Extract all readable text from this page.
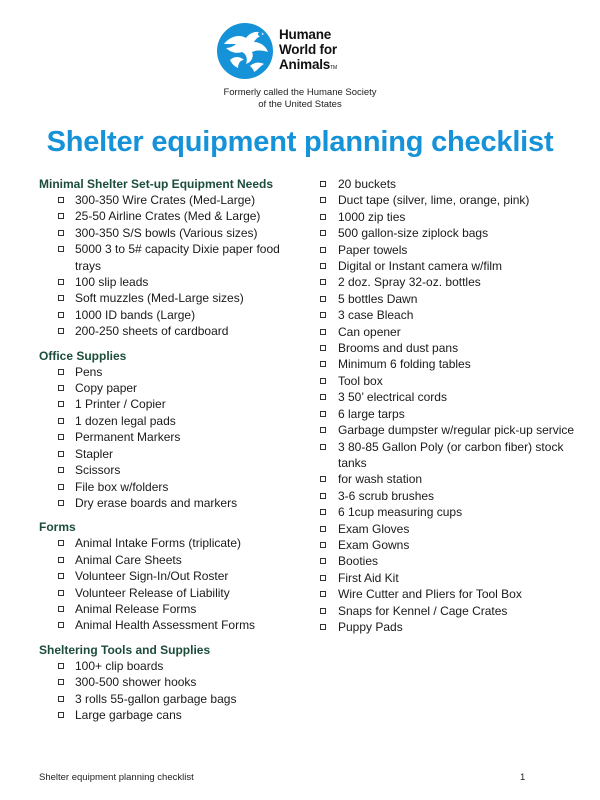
Humane
World for
AnimalsTM
Formerly called the Humane Society
of the United States
Shelter equipment planning checklist
Minimal Shelter Set-up Equipment Needs
300-350 Wire Crates (Med-Large)
25-50 Airline Crates (Med & Large)
300-350 S/S bowls (Various sizes)
5000 3 to 5# capacity Dixie paper food trays
100 slip leads
Soft muzzles (Med-Large sizes)
1000 ID bands (Large)
200-250 sheets of cardboard
Office Supplies
Pens
Copy paper
1 Printer / Copier
1 dozen legal pads
Permanent Markers
Stapler
Scissors
File box w/folders
Dry erase boards and markers
Forms
Animal Intake Forms (triplicate)
Animal Care Sheets
Volunteer Sign-In/Out Roster
Volunteer Release of Liability
Animal Release Forms
Animal Health Assessment Forms
Sheltering Tools and Supplies
100+ clip boards
300-500 shower hooks
3 rolls 55-gallon garbage bags
Large garbage cans
20 buckets
Duct tape (silver, lime, orange, pink)
1000 zip ties
500 gallon-size ziplock bags
Paper towels
Digital or Instant camera w/film
2 doz. Spray 32-oz. bottles
5 bottles Dawn
3 case Bleach
Can opener
Brooms and dust pans
Minimum 6 folding tables
Tool box
3 50’ electrical cords
6 large tarps
Garbage dumpster w/regular pick-up service
3 80-85 Gallon Poly (or carbon fiber) stock tanks
for wash station
3-6 scrub brushes
6 1cup measuring cups
Exam Gloves
Exam Gowns
Booties
First Aid Kit
Wire Cutter and Pliers for Tool Box
Snaps for Kennel / Cage Crates
Puppy Pads
Shelter equipment planning checklist	1
